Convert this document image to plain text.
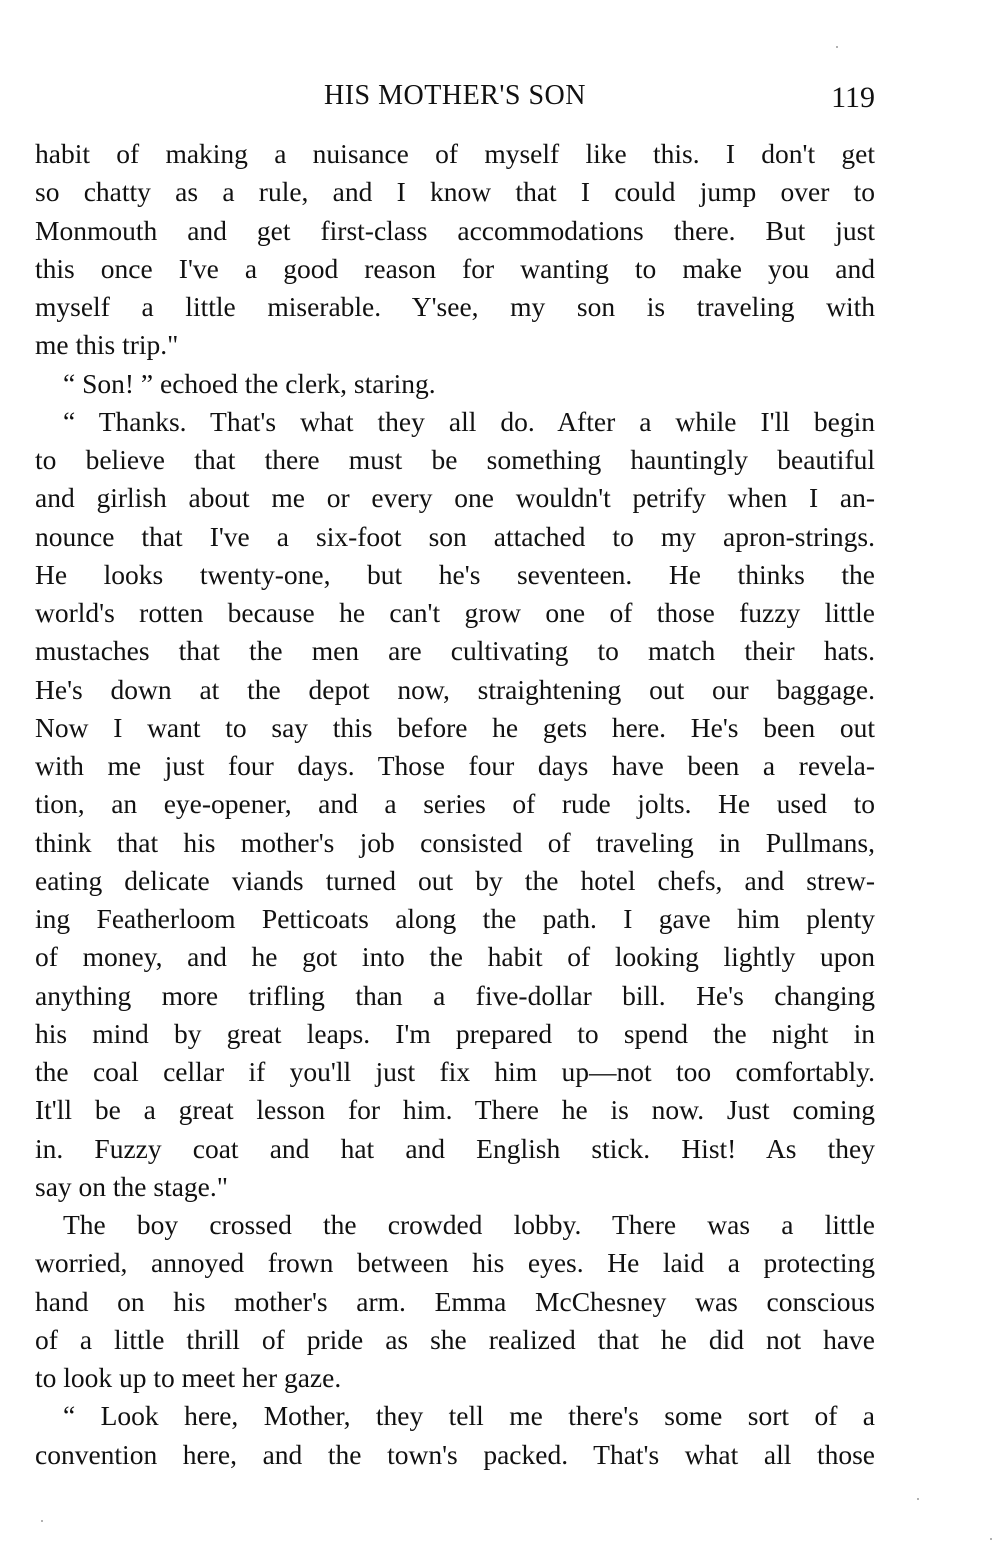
HIS MOTHER'S SON	119
habit of making a nuisance of myself like this. I don't get
so chatty as a rule, and I know that I could jump over to
Monmouth and get first-class accommodations there. But just
this once I've a good reason for wanting to make you and
myself a little miserable. Y'see, my son is traveling with
me this trip."
“ Son! ” echoed the clerk, staring.
“ Thanks. That's what they all do. After a while I'll begin
to believe that there must be something hauntingly beautiful
and girlish about me or every one wouldn't petrify when I an-
nounce that I've a six-foot son attached to my apron-strings.
He looks twenty-one, but he's seventeen. He thinks the
world's rotten because he can't grow one of those fuzzy little
mustaches that the men are cultivating to match their hats.
He's down at the depot now, straightening out our baggage.
Now I want to say this before he gets here. He's been out
with me just four days. Those four days have been a revela-
tion, an eye-opener, and a series of rude jolts. He used to
think that his mother's job consisted of traveling in Pullmans,
eating delicate viands turned out by the hotel chefs, and strew-
ing Featherloom Petticoats along the path. I gave him plenty
of money, and he got into the habit of looking lightly upon
anything more trifling than a five-dollar bill. He's changing
his mind by great leaps. I'm prepared to spend the night in
the coal cellar if you'll just fix him up—not too comfortably.
It'll be a great lesson for him. There he is now. Just coming
in. Fuzzy coat and hat and English stick. Hist! As they
say on the stage."
The boy crossed the crowded lobby. There was a little
worried, annoyed frown between his eyes. He laid a protecting
hand on his mother's arm. Emma McChesney was conscious
of a little thrill of pride as she realized that he did not have
to look up to meet her gaze.
“ Look here, Mother, they tell me there's some sort of a
convention here, and the town's packed. That's what all those
